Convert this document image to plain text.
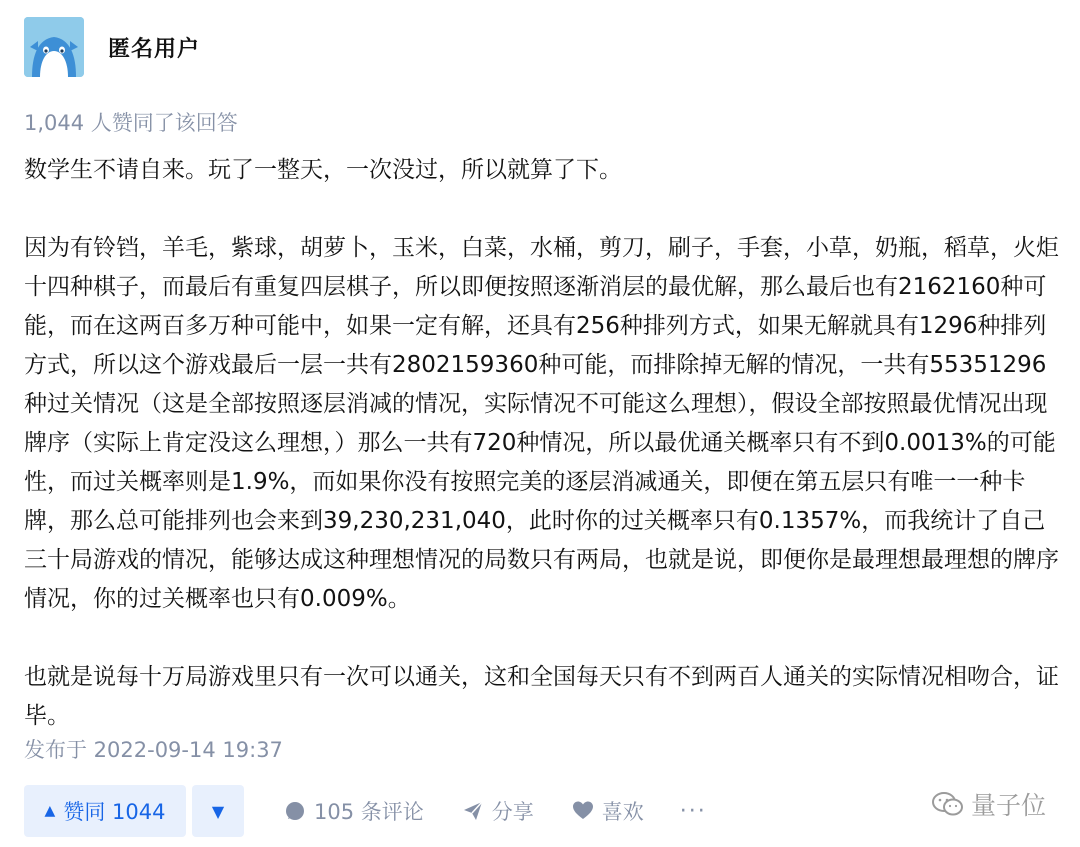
匿名用户
1,044 人赞同了该回答

数学生不请自来。玩了一整天，一次没过，所以就算了下。

因为有铃铛，羊毛，紫球，胡萝卜，玉米，白菜，水桶，剪刀，刷子，手套，小草，奶瓶，稻草，火炬十四种棋子，而最后有重复四层棋子，所以即便按照逐渐消层的最优解，那么最后也有2162160种可能，而在这两百多万种可能中，如果一定有解，还具有256种排列方式，如果无解就具有1296种排列方式，所以这个游戏最后一层一共有2802159360种可能，而排除掉无解的情况，一共有55351296种过关情况（这是全部按照逐层消减的情况，实际情况不可能这么理想），假设全部按照最优情况出现牌序（实际上肯定没这么理想，）那么一共有720种情况，所以最优通关概率只有不到0.0013%的可能性，而过关概率则是1.9%，而如果你没有按照完美的逐层消减通关，即便在第五层只有唯一一种卡牌，那么总可能排列也会来到39,230,231,040，此时你的过关概率只有0.1357%，而我统计了自己三十局游戏的情况，能够达成这种理想情况的局数只有两局，也就是说，即便你是最理想最理想的牌序情况，你的过关概率也只有0.009%。

也就是说每十万局游戏里只有一次可以通关，这和全国每天只有不到两百人通关的实际情况相吻合，证毕。

发布于 2022-09-14 19:37
▲ 赞同 1044	▼	105 条评论	分享	喜欢 ···	量子位
